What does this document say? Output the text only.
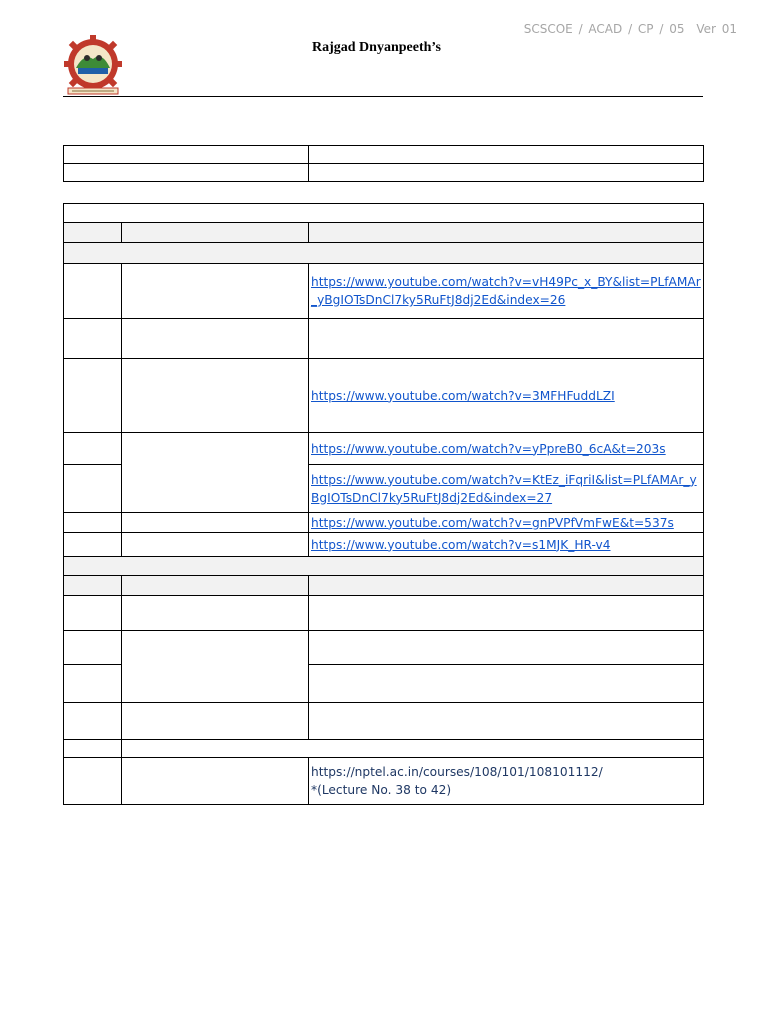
SCSCOE / ACAD / CP / 05 Ver 01
Rajgad Dnyanpeeth’s

		https://www.youtube.com/watch?v=vH49Pc_x_BY&list=PLfAMAr_yBgIOTsDnCl7ky5RuFtJ8dj2Ed&index=26

		https://www.youtube.com/watch?v=3MFHFuddLZI
		https://www.youtube.com/watch?v=yPpreB0_6cA&t=203s
		https://www.youtube.com/watch?v=KtEz_iFqriI&list=PLfAMAr_yBgIOTsDnCl7ky5RuFtJ8dj2Ed&index=27
		https://www.youtube.com/watch?v=gnPVPfVmFwE&t=537s
		https://www.youtube.com/watch?v=s1MJK_HR-v4

		https://nptel.ac.in/courses/108/101/108101112/
*(Lecture No. 38 to 42)
